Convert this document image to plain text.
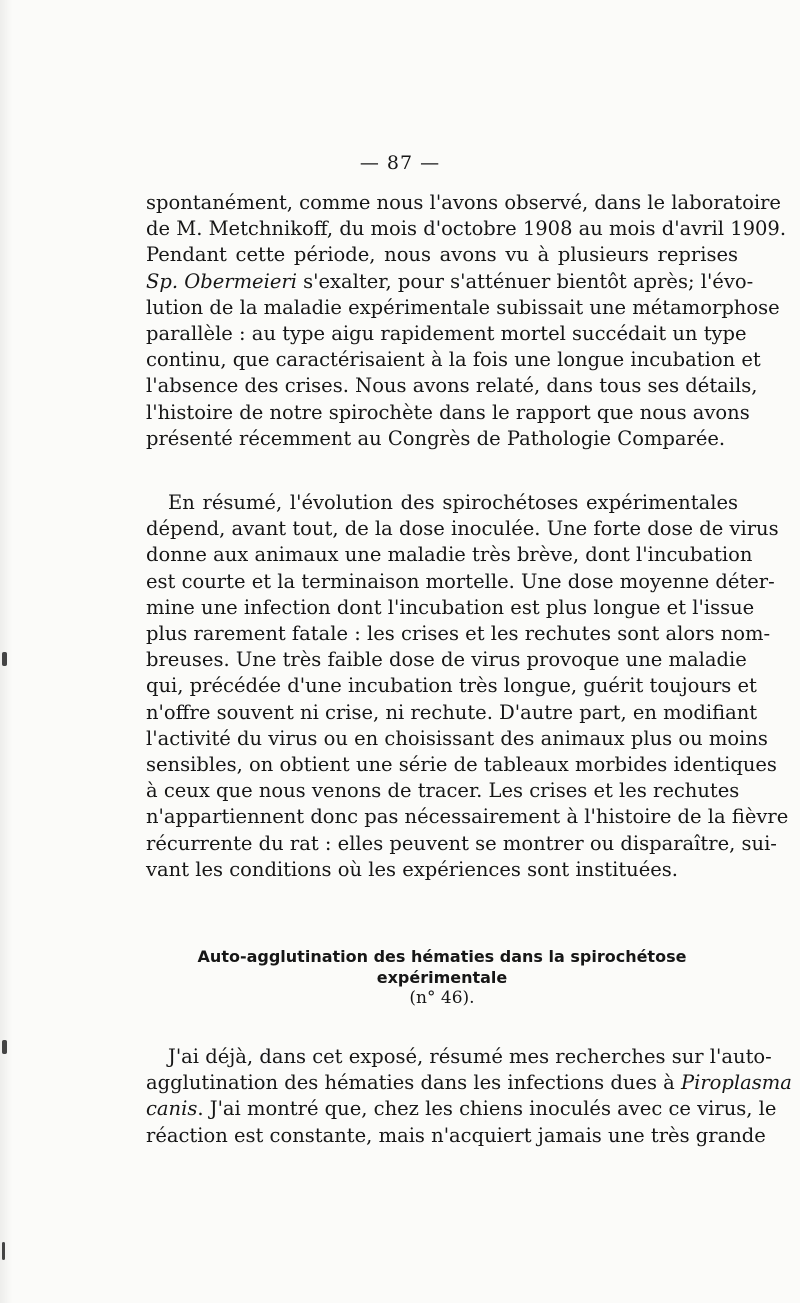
— 87 —
spontanément, comme nous l'avons observé, dans le laboratoire
de M. Metchnikoff, du mois d'octobre 1908 au mois d'avril 1909.
Pendant cette période, nous avons vu à plusieurs reprises
Sp. Obermeieri s'exalter, pour s'atténuer bientôt après; l'évo-
lution de la maladie expérimentale subissait une métamorphose
parallèle : au type aigu rapidement mortel succédait un type
continu, que caractérisaient à la fois une longue incubation et
l'absence des crises. Nous avons relaté, dans tous ses détails,
l'histoire de notre spirochète dans le rapport que nous avons
présenté récemment au Congrès de Pathologie Comparée.
En résumé, l'évolution des spirochétoses expérimentales
dépend, avant tout, de la dose inoculée. Une forte dose de virus
donne aux animaux une maladie très brève, dont l'incubation
est courte et la terminaison mortelle. Une dose moyenne déter-
mine une infection dont l'incubation est plus longue et l'issue
plus rarement fatale : les crises et les rechutes sont alors nom-
breuses. Une très faible dose de virus provoque une maladie
qui, précédée d'une incubation très longue, guérit toujours et
n'offre souvent ni crise, ni rechute. D'autre part, en modifiant
l'activité du virus ou en choisissant des animaux plus ou moins
sensibles, on obtient une série de tableaux morbides identiques
à ceux que nous venons de tracer. Les crises et les rechutes
n'appartiennent donc pas nécessairement à l'histoire de la fièvre
récurrente du rat : elles peuvent se montrer ou disparaître, sui-
vant les conditions où les expériences sont instituées.
Auto-agglutination des hématies dans la spirochétose
expérimentale
(n° 46).
J'ai déjà, dans cet exposé, résumé mes recherches sur l'auto-
agglutination des hématies dans les infections dues à Piroplasma
canis. J'ai montré que, chez les chiens inoculés avec ce virus, le
réaction est constante, mais n'acquiert jamais une très grande
